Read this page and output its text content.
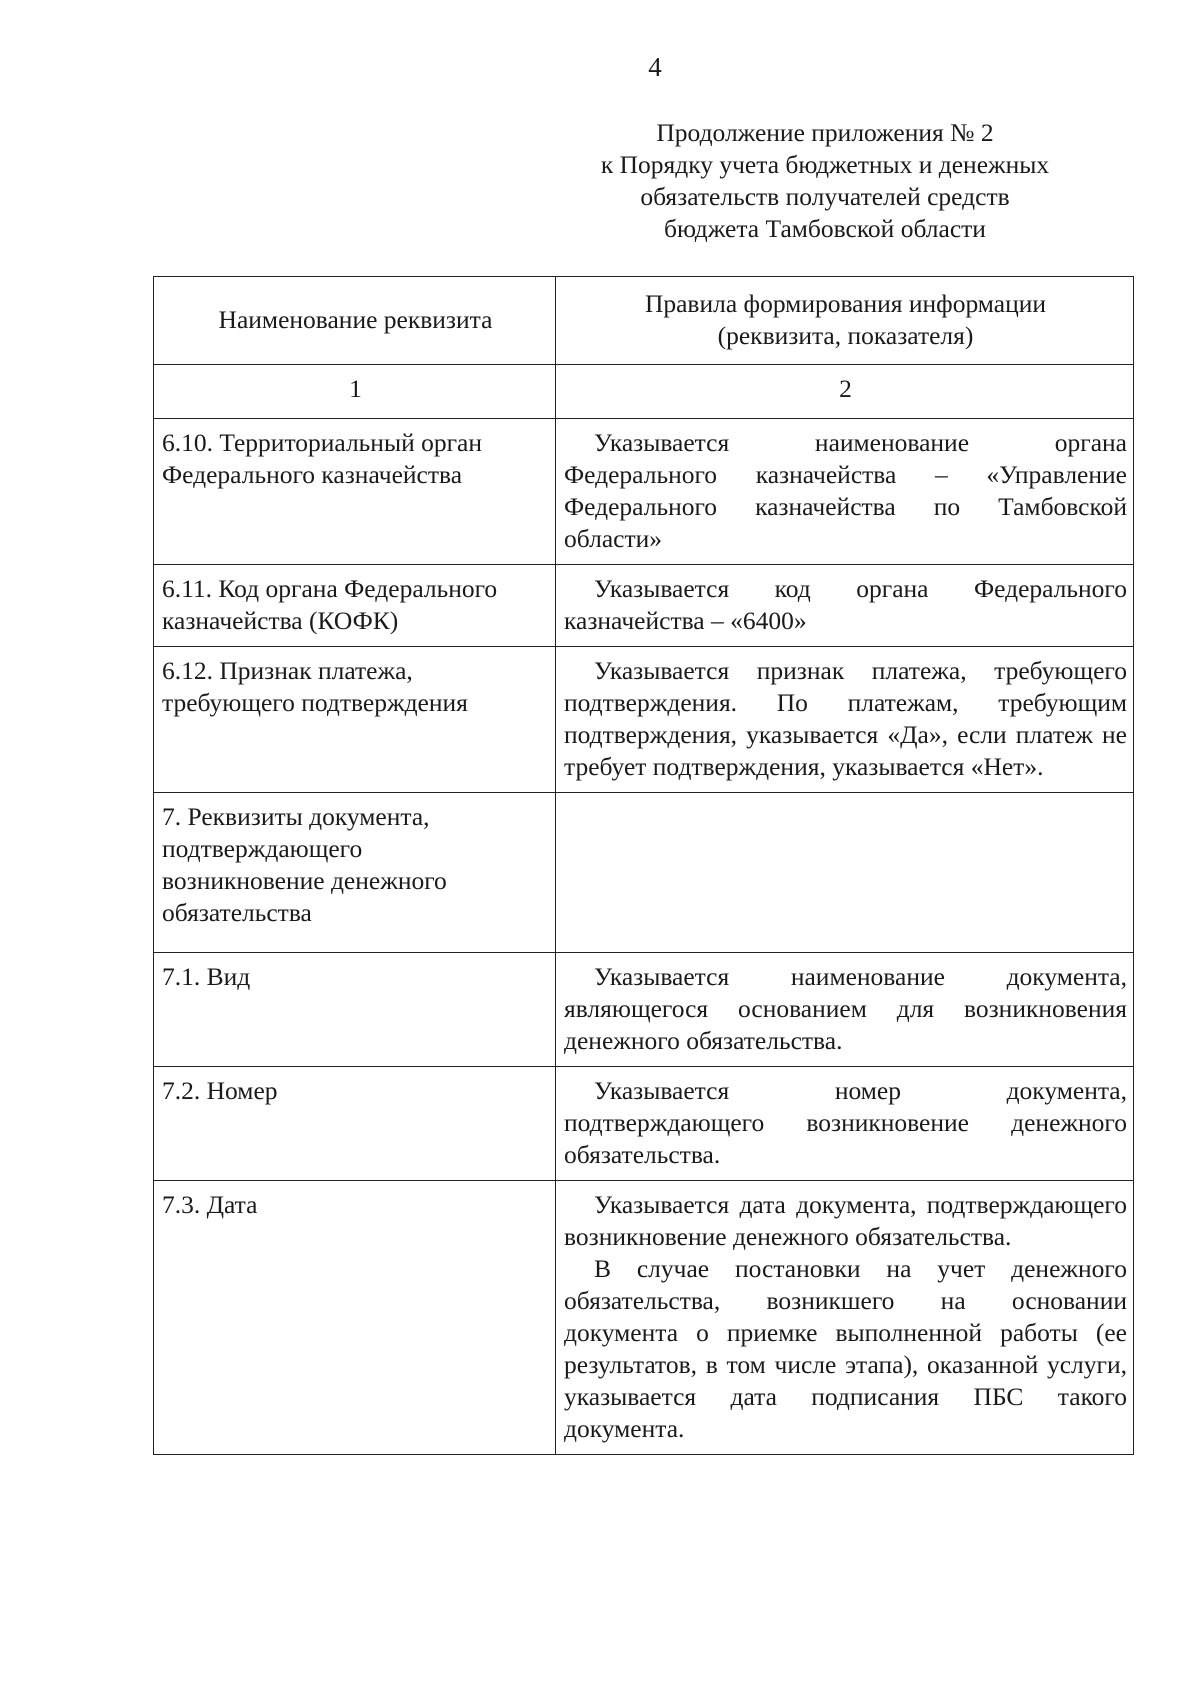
4
Продолжение приложения № 2
к Порядку учета бюджетных и денежных
обязательств получателей средств
бюджета Тамбовской области
Наименование реквизита	Правила формирования информации
(реквизита, показателя)

1	2

6.10. Территориальный орган
Федерального казначейства	Указывается наименование органа Федерального казначейства – «Управление Федерального казначейства по Тамбовской области»

6.11. Код органа Федерального
казначейства (КОФК)	Указывается код органа Федерального казначейства – «6400»

6.12. Признак платежа,
требующего подтверждения	Указывается признак платежа, требующего подтверждения. По платежам, требующим подтверждения, указывается «Да», если платеж не требует подтверждения, указывается «Нет».

7. Реквизиты документа,
подтверждающего
возникновение денежного
обязательства	

7.1. Вид	Указывается наименование документа, являющегося основанием для возникновения денежного обязательства.

7.2. Номер	Указывается номер документа, подтверждающего возникновение денежного обязательства.

7.3. Дата	Указывается дата документа, подтверждающего возникновение денежного обязательства.

В случае постановки на учет денежного обязательства, возникшего на основании документа о приемке выполненной работы (ее результатов, в том числе этапа), оказанной услуги, указывается дата подписания ПБС такого документа.
